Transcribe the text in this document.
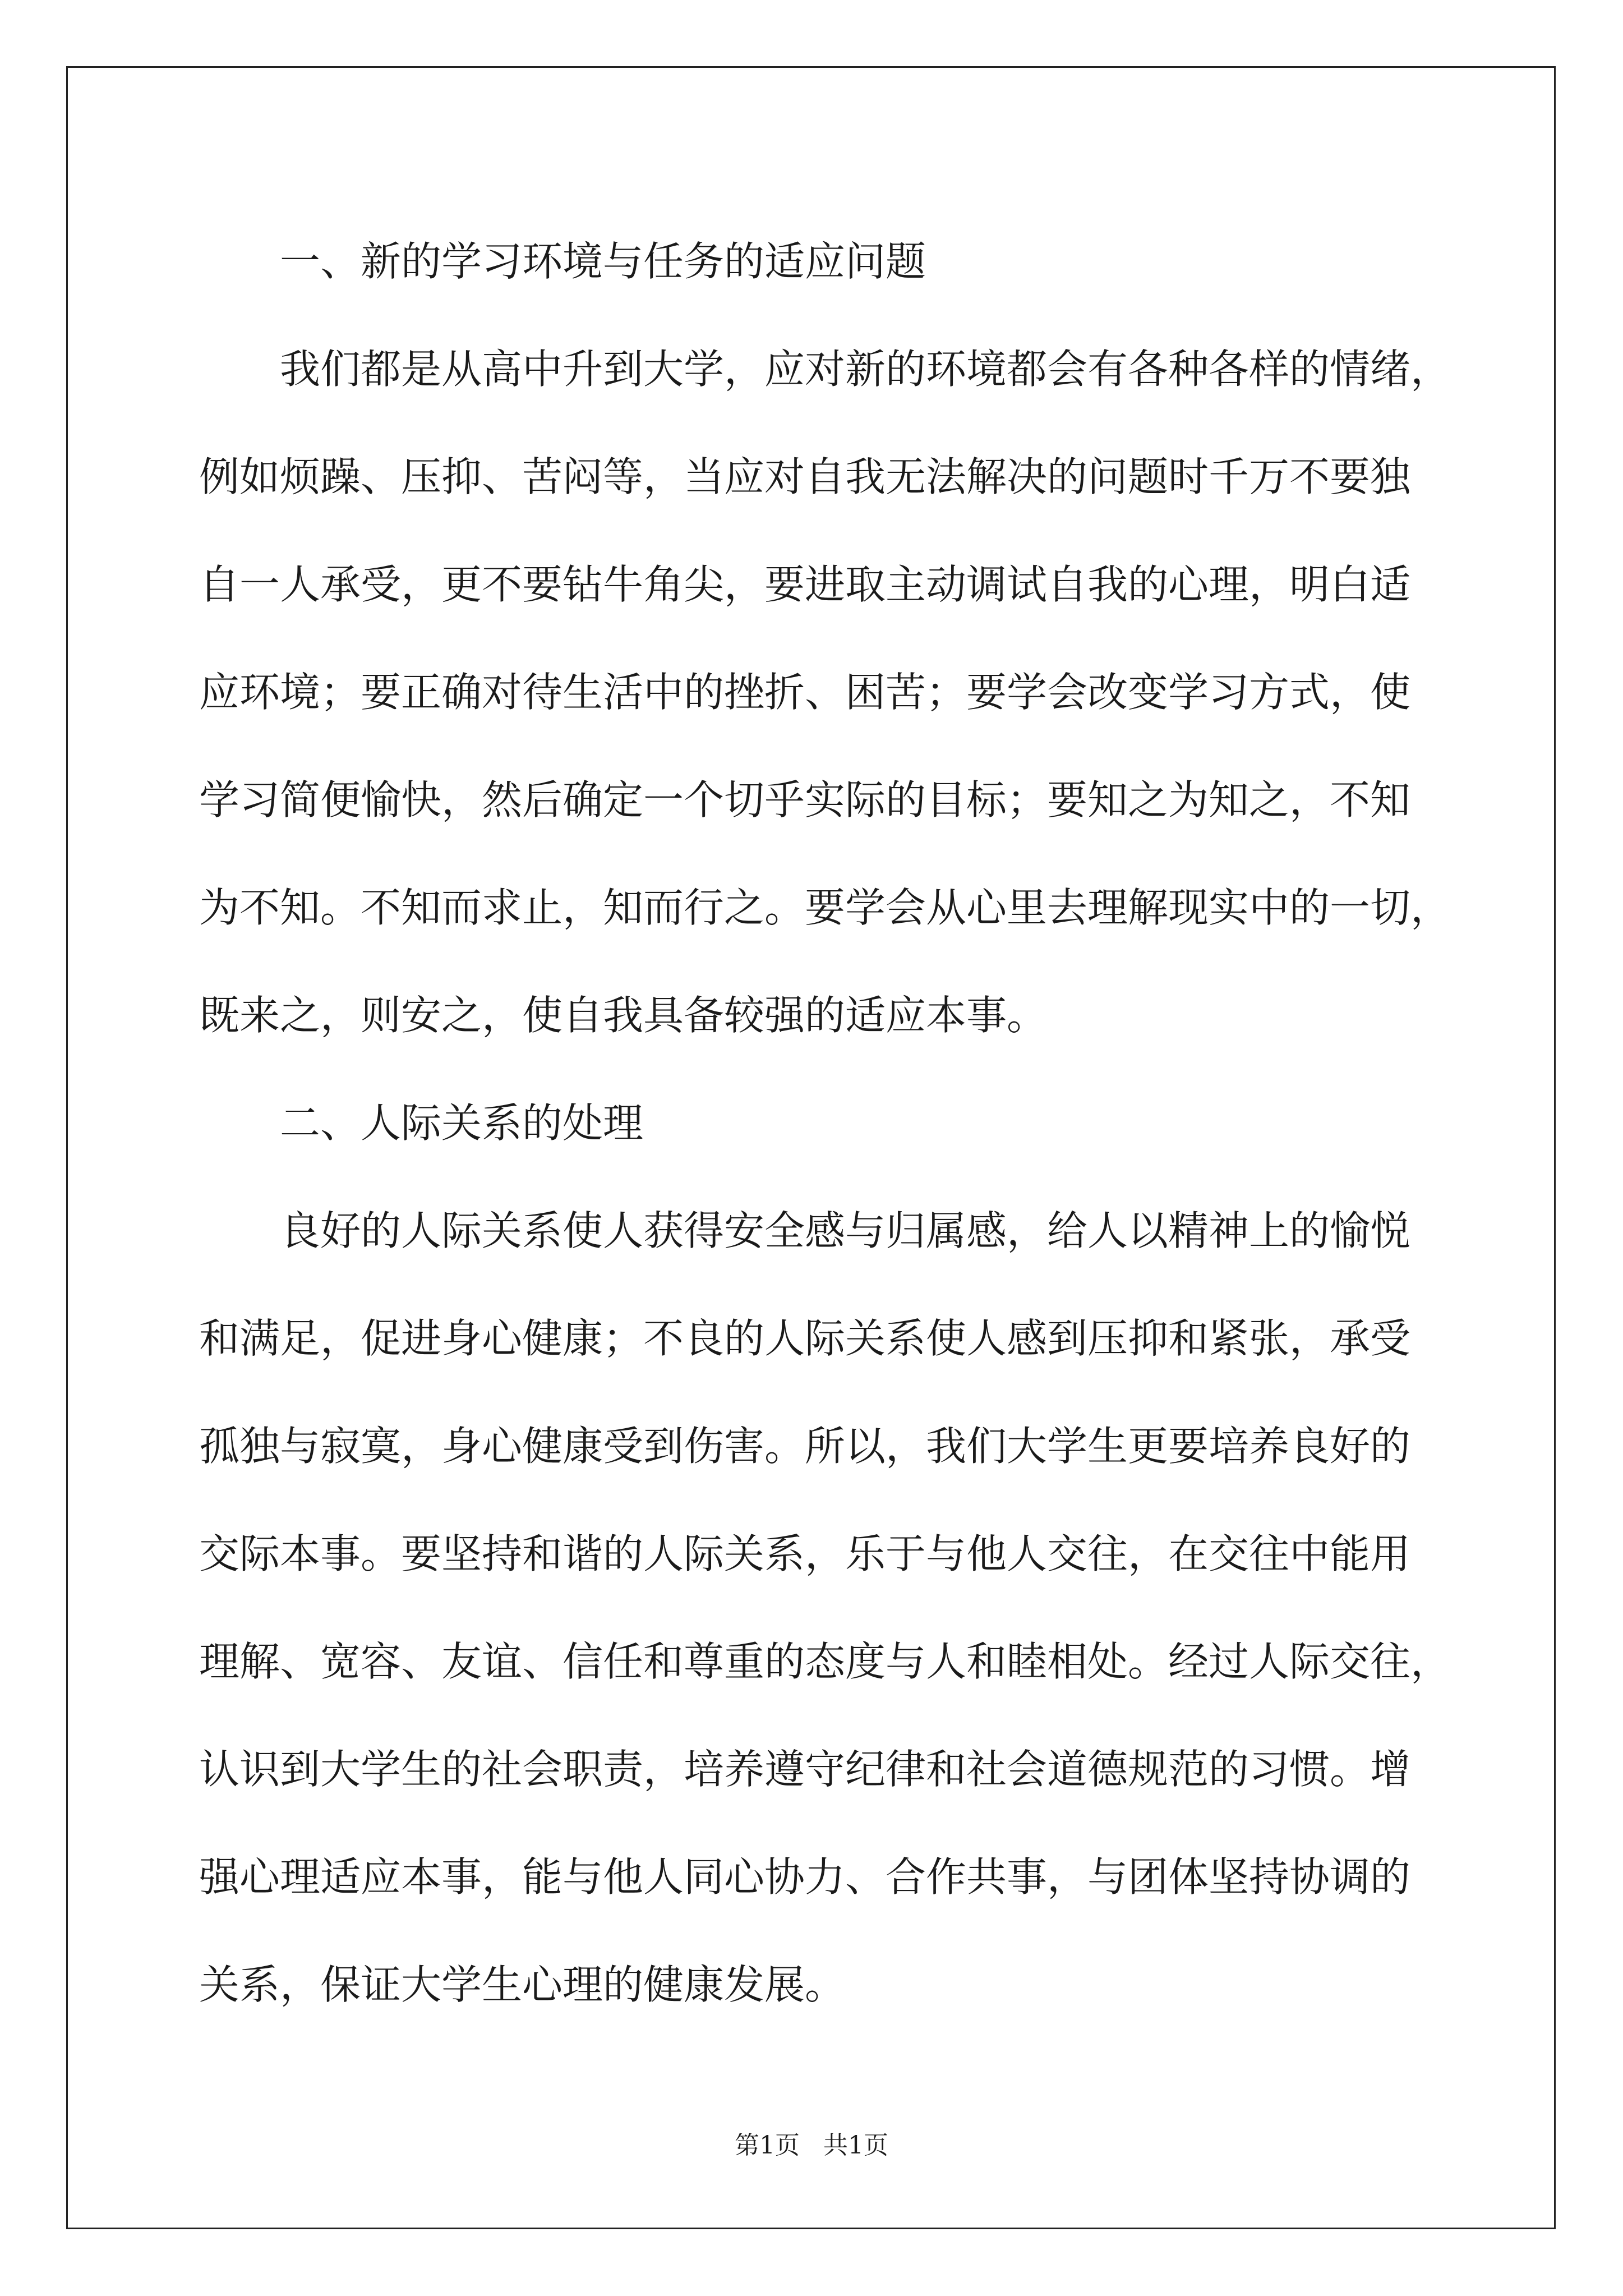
一、新的学习环境与任务的适应问题
我们都是从高中升到大学，应对新的环境都会有各种各样的情绪，
例如烦躁、压抑、苦闷等，当应对自我无法解决的问题时千万不要独
自一人承受，更不要钻牛角尖，要进取主动调试自我的心理，明白适
应环境；要正确对待生活中的挫折、困苦；要学会改变学习方式，使
学习简便愉快，然后确定一个切乎实际的目标；要知之为知之，不知
为不知。不知而求止，知而行之。要学会从心里去理解现实中的一切，
既来之，则安之，使自我具备较强的适应本事。
二、人际关系的处理
良好的人际关系使人获得安全感与归属感，给人以精神上的愉悦
和满足，促进身心健康；不良的人际关系使人感到压抑和紧张，承受
孤独与寂寞，身心健康受到伤害。所以，我们大学生更要培养良好的
交际本事。要坚持和谐的人际关系，乐于与他人交往，在交往中能用
理解、宽容、友谊、信任和尊重的态度与人和睦相处。经过人际交往，
认识到大学生的社会职责，培养遵守纪律和社会道德规范的习惯。增
强心理适应本事，能与他人同心协力、合作共事，与团体坚持协调的
关系，保证大学生心理的健康发展。
第1页   共1页
